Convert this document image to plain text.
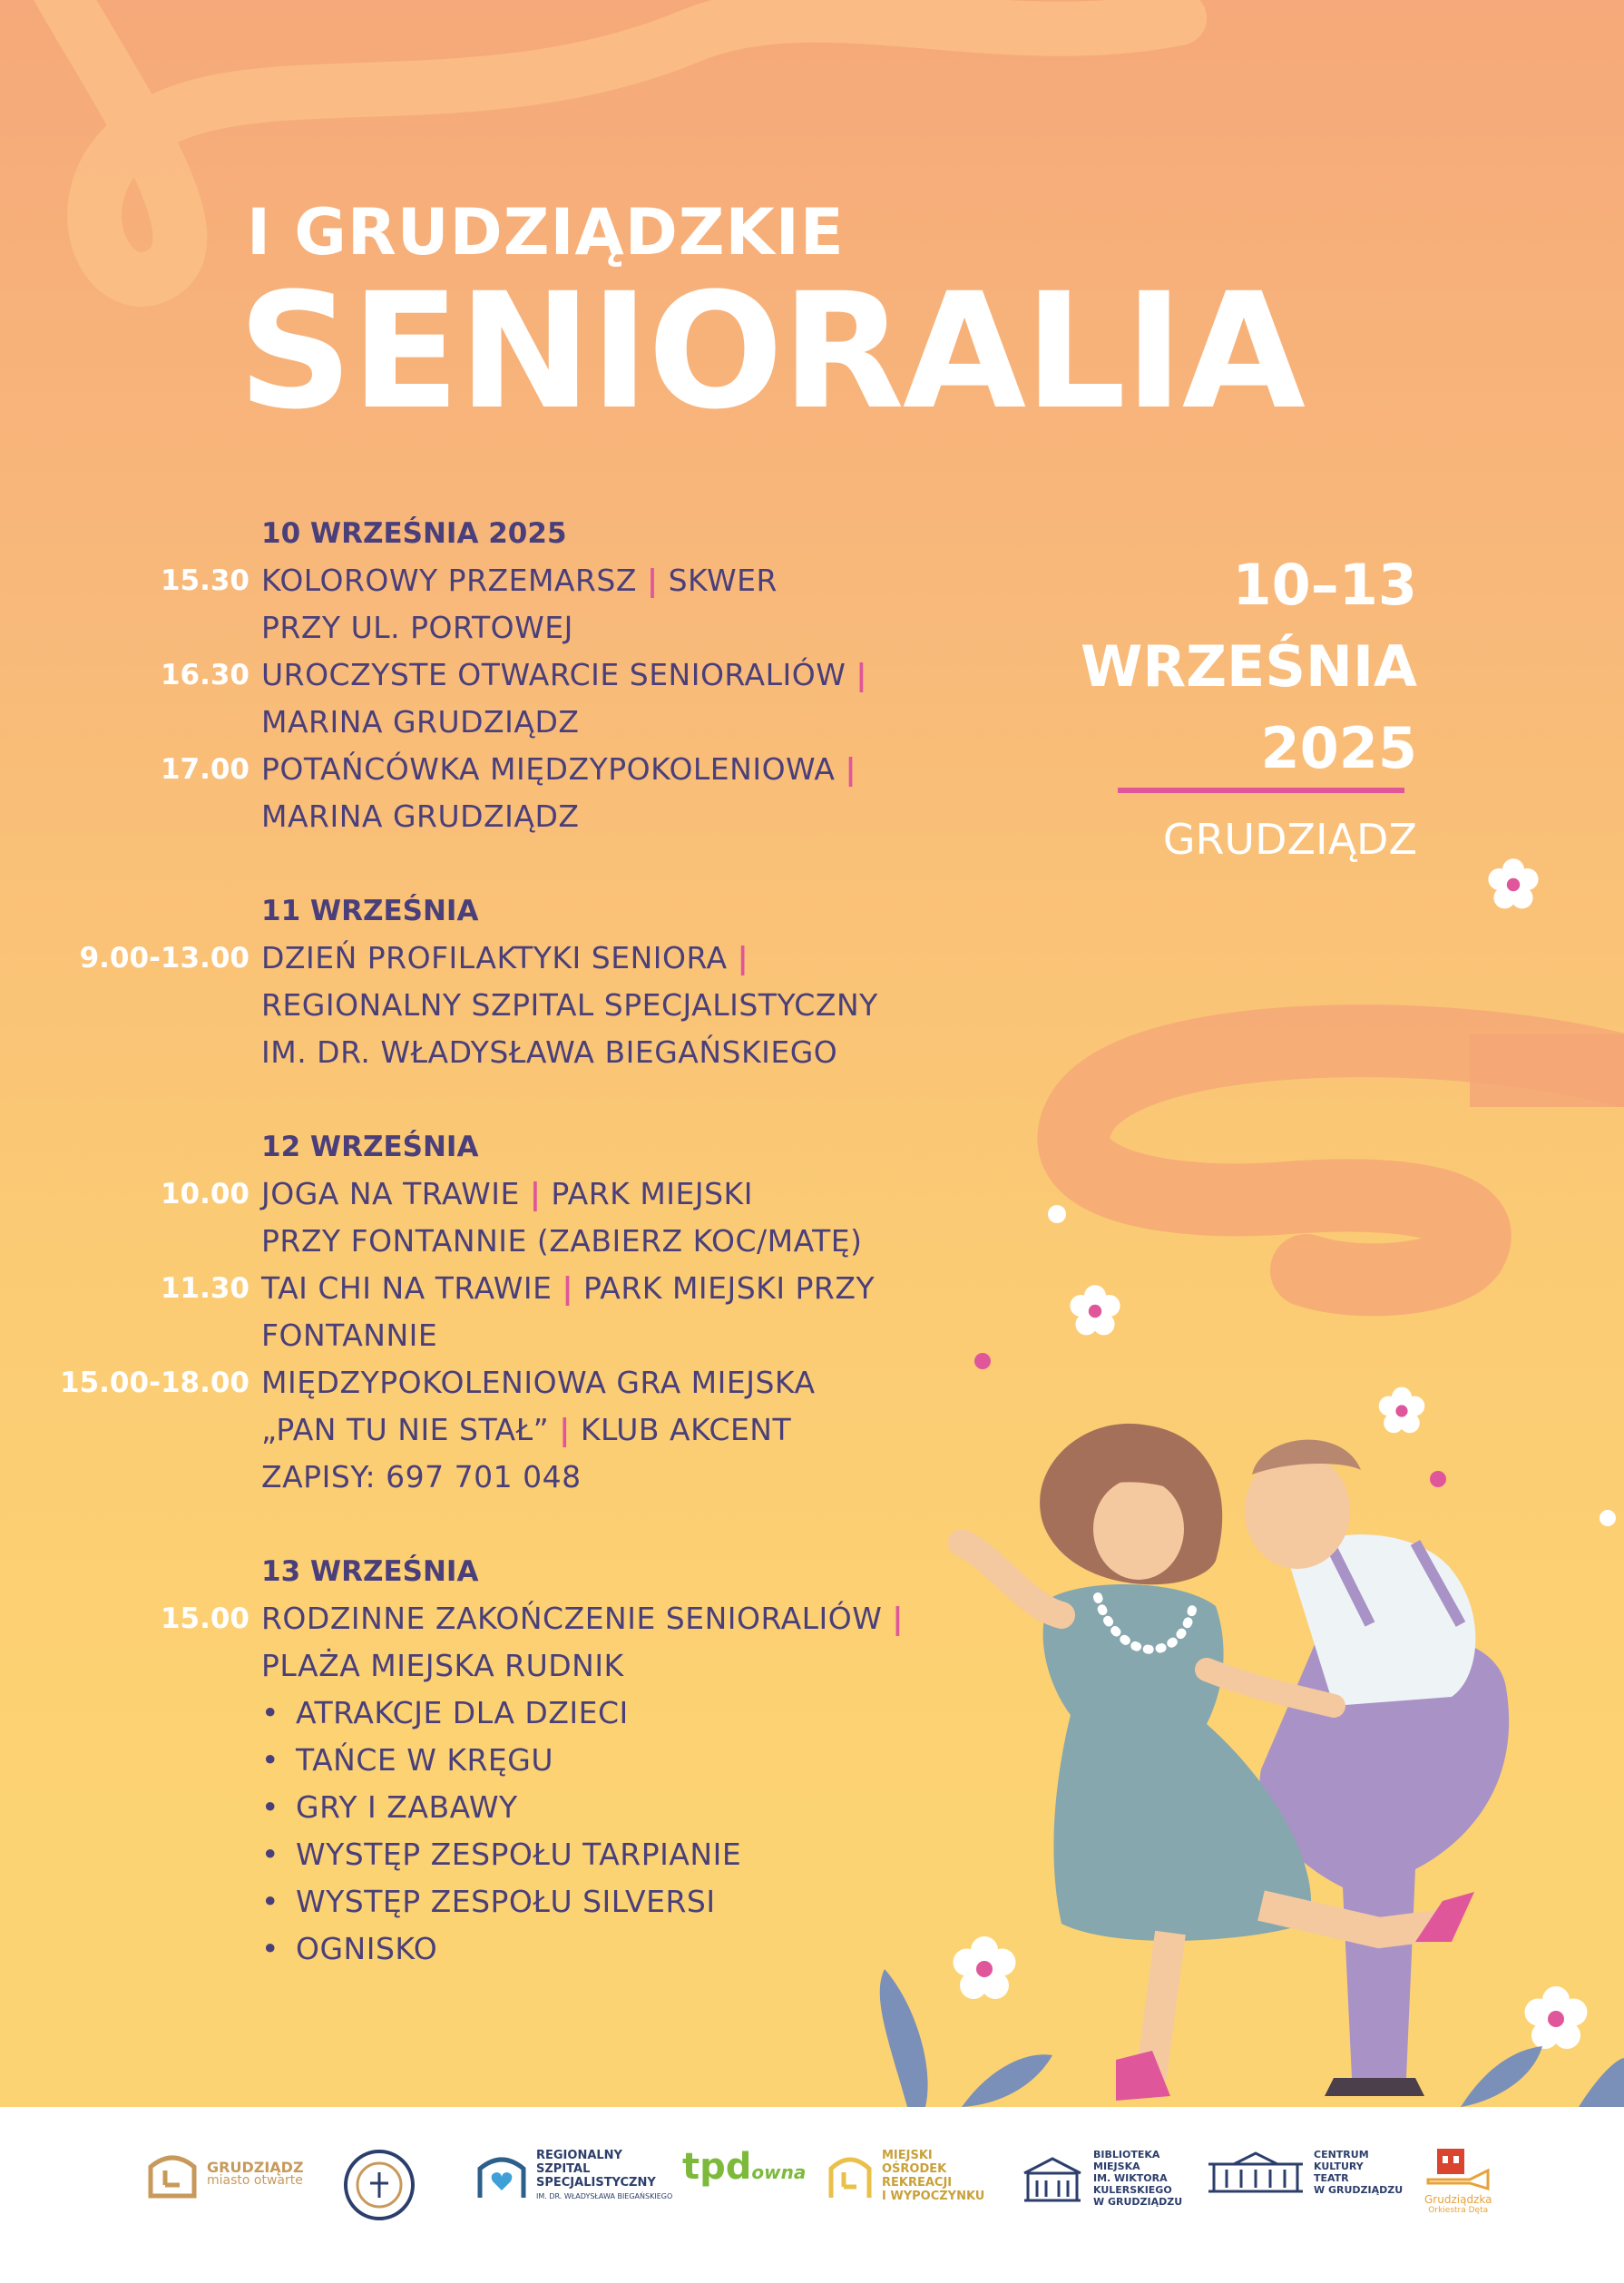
I GRUDZIĄDZKIE
SENIORALIA
10–13
WRZEŚNIA
2025
GRUDZIĄDZ
10 WRZEŚNIA 2025
15.30 KOLOROWY PRZEMARSZ | SKWER
PRZY UL. PORTOWEJ
16.30 UROCZYSTE OTWARCIE SENIORALIÓW |
MARINA GRUDZIĄDZ
17.00 POTAŃCÓWKA MIĘDZYPOKOLENIOWA |
MARINA GRUDZIĄDZ
11 WRZEŚNIA
9.00-13.00 DZIEŃ PROFILAKTYKI SENIORA |
REGIONALNY SZPITAL SPECJALISTYCZNY
IM. DR. WŁADYSŁAWA BIEGAŃSKIEGO
12 WRZEŚNIA
10.00 JOGA NA TRAWIE | PARK MIEJSKI
PRZY FONTANNIE (ZABIERZ KOC/MATĘ)
11.30 TAI CHI NA TRAWIE | PARK MIEJSKI PRZY
FONTANNIE
15.00-18.00 MIĘDZYPOKOLENIOWA GRA MIEJSKA
„PAN TU NIE STAŁ” | KLUB AKCENT
ZAPISY: 697 701 048
13 WRZEŚNIA
15.00 RODZINNE ZAKOŃCZENIE SENIORALIÓW |
PLAŻA MIEJSKA RUDNIK
• ATRAKCJE DLA DZIECI
• TAŃCE W KRĘGU
• GRY I ZABAWY
• WYSTĘP ZESPOŁU TARPIANIE
• WYSTĘP ZESPOŁU SILVERSI
• OGNISKO
GRUDZIĄDZ
miasto otwarte
REGIONALNY
SZPITAL
SPECJALISTYCZNY
IM. DR. WŁADYSŁAWA BIEGAŃSKIEGO
tpdowna
MIEJSKI
OŚRODEK
REKREACJI
I WYPOCZYNKU
BIBLIOTEKA
MIEJSKA
IM. WIKTORA
KULERSKIEGO
W GRUDZIĄDZU
CENTRUM
KULTURY
TEATR
W GRUDZIĄDZU
Grudziądzka
Orkiestra Dęta
